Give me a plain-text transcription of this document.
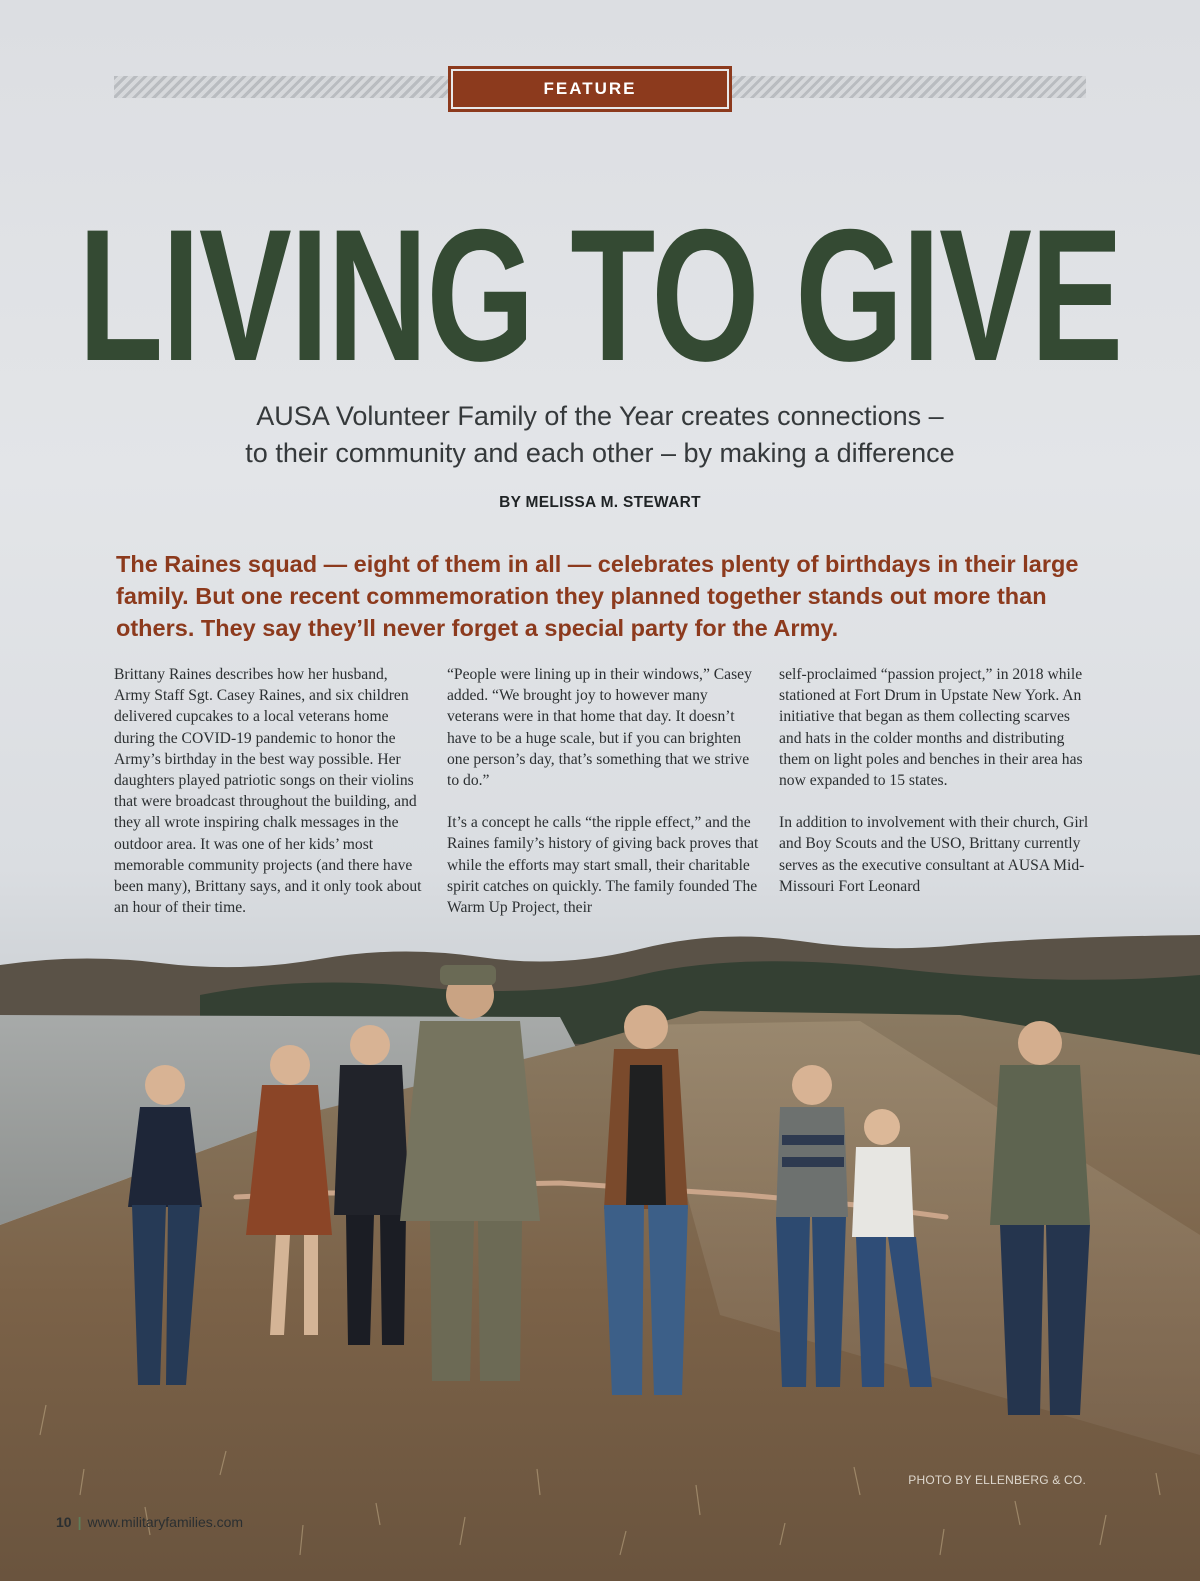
FEATURE
LIVING TO GIVE
AUSA Volunteer Family of the Year creates connections –
to their community and each other – by making a difference
BY MELISSA M. STEWART
The Raines squad — eight of them in all — celebrates plenty of birthdays in their large family. But one recent commemoration they planned together stands out more than others. They say they’ll never forget a special party for the Army.

Brittany Raines describes how her husband, Army Staff Sgt. Casey Raines, and six children delivered cupcakes to a local veterans home during the COVID-19 pandemic to honor the Army’s birthday in the best way possible. Her daughters played patriotic songs on their violins that were broadcast throughout the building, and they all wrote inspiring chalk messages in the outdoor area. It was one of her kids’ most memorable community projects (and there have been many), Brittany says, and it only took about an hour of their time.

“People were lining up in their windows,” Casey added. “We brought joy to however many veterans were in that home that day. It doesn’t have to be a huge scale, but if you can brighten one person’s day, that’s something that we strive to do.”

It’s a concept he calls “the ripple effect,” and the Raines family’s history of giving back proves that while the efforts may start small, their charitable spirit catches on quickly. The family founded The Warm Up Project, their

self-proclaimed “passion project,” in 2018 while stationed at Fort Drum in Upstate New York. An initiative that began as them collecting scarves and hats in the colder months and distributing them on light poles and benches in their area has now expanded to 15 states.

In addition to involvement with their church, Girl and Boy Scouts and the USO, Brittany currently serves as the executive consultant at AUSA Mid-Missouri Fort Leonard

PHOTO BY ELLENBERG & CO.
10 | www.militaryfamilies.com
